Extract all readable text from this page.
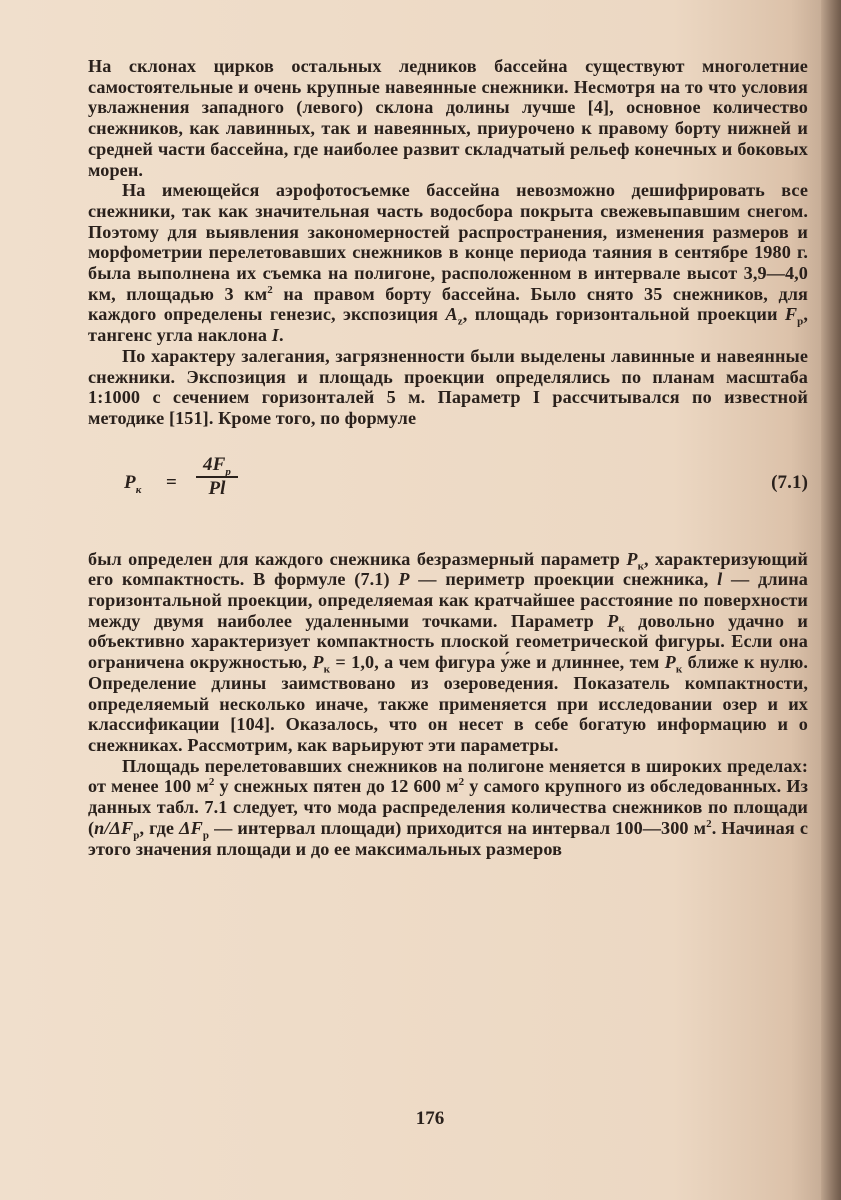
На склонах цирков остальных ледников бассейна существуют многолетние самостоятельные и очень крупные навеянные снежники. Несмотря на то что условия увлажнения западного (левого) склона долины лучше [4], основное количество снежников, как лавинных, так и навеянных, приурочено к правому борту нижней и средней части бассейна, где наиболее развит складчатый рельеф конечных и боковых морен.

На имеющейся аэрофотосъемке бассейна невозможно дешифрировать все снежники, так как значительная часть водосбора покрыта свежевыпавшим снегом. Поэтому для выявления закономерностей распространения, изменения размеров и морфометрии перелетовавших снежников в конце периода таяния в сентябре 1980 г. была выполнена их съемка на полигоне, расположенном в интервале высот 3,9—4,0 км, площадью 3 $км^2$ на правом борту бассейна. Было снято 35 снежников, для каждого определены генезис, экспозиция $A_z$, площадь горизонтальной проекции $F_p$, тангенс угла наклона I.

По характеру залегания, загрязненности были выделены лавинные и навеянные снежники. Экспозиция и площадь проекции определялись по планам масштаба 1:1000 с сечением горизонталей 5 м. Параметр I рассчитывался по известной методике [151]. Кроме того, по формуле

$P_к = \frac{4F_p}{Pl}$	(7.1)

был определен для каждого снежника безразмерный параметр $P_к$, характеризующий его компактность. В формуле (7.1) P — периметр проекции снежника, l — длина горизонтальной проекции, определяемая как кратчайшее расстояние по поверхности между двумя наиболее удаленными точками. Параметр $P_к$ довольно удачно и объективно характеризует компактность плоской геометрической фигуры. Если она ограничена окружностью, $P_к = 1,0$, а чем фигура у́же и длиннее, тем $P_к$ ближе к нулю. Определение длины заимствовано из озероведения. Показатель компактности, определяемый несколько иначе, также применяется при исследовании озер и их классификации [104]. Оказалось, что он несет в себе богатую информацию и о снежниках. Рассмотрим, как варьируют эти параметры.

Площадь перелетовавших снежников на полигоне меняется в широких пределах: от менее 100 $м^2$ у снежных пятен до 12 600 $м^2$ у самого крупного из обследованных. Из данных табл. 7.1 следует, что мода распределения количества снежников по площади ($n/\Delta F_p$, где $\Delta F_p$ — интервал площади) приходится на интервал 100—300 $м^2$. Начиная с этого значения площади и до ее максимальных размеров

176
